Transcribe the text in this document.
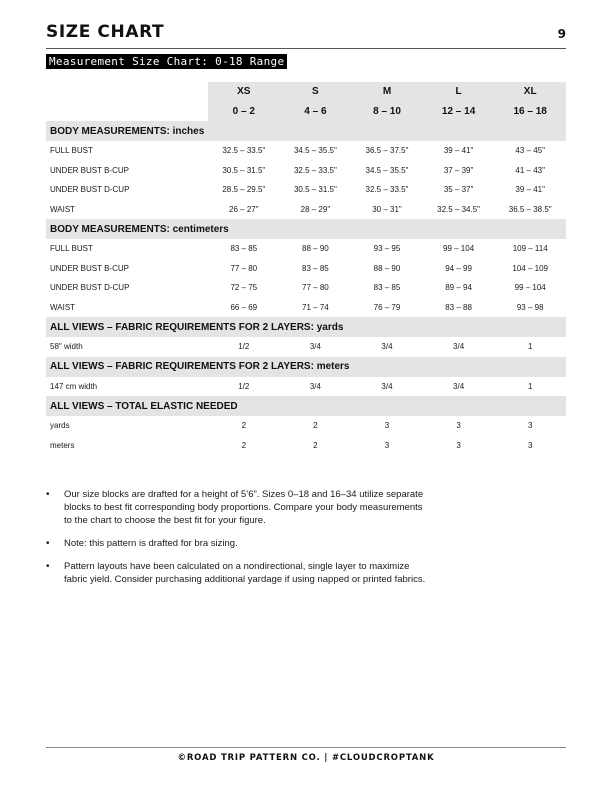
SIZE CHART	9
Measurement Size Chart: 0-18 Range
	XS	S	M	L	XL
	0 – 2	4 – 6	8 – 10	12 – 14	16 – 18
BODY MEASUREMENTS: inches					
FULL BUST	32.5 – 33.5"	34.5 – 35.5"	36.5 – 37.5"	39 – 41"	43 – 45"
UNDER BUST B-CUP	30.5 – 31.5"	32.5 – 33.5"	34.5 – 35.5"	37 – 39"	41 – 43"
UNDER BUST D-CUP	28.5 – 29.5"	30.5 – 31.5"	32.5 – 33.5"	35 – 37"	39 – 41"
WAIST	26 – 27"	28 – 29"	30 – 31"	32.5 – 34.5"	36.5 – 38.5"
BODY MEASUREMENTS: centimeters					
FULL BUST	83 – 85	88 – 90	93 – 95	99 – 104	109 – 114
UNDER BUST B-CUP	77 – 80	83 – 85	88 – 90	94 – 99	104 – 109
UNDER BUST D-CUP	72 – 75	77 – 80	83 – 85	89 – 94	99 – 104
WAIST	66 – 69	71 – 74	76 – 79	83 – 88	93 – 98
ALL VIEWS – FABRIC REQUIREMENTS FOR 2 LAYERS: yards					
58" width	1/2	3/4	3/4	3/4	1
ALL VIEWS – FABRIC REQUIREMENTS FOR 2 LAYERS: meters					
147 cm width	1/2	3/4	3/4	3/4	1
ALL VIEWS – TOTAL ELASTIC NEEDED					
yards	2	2	3	3	3
meters	2	2	3	3	3
• Our size blocks are drafted for a height of 5’6”. Sizes 0–18 and 16–34 utilize separate blocks to best fit corresponding body proportions. Compare your body measurements to the chart to choose the best fit for your figure.
• Note: this pattern is drafted for bra sizing.
• Pattern layouts have been calculated on a nondirectional, single layer to maximize fabric yield. Consider purchasing additional yardage if using napped or printed fabrics.
©ROAD TRIP PATTERN CO. | #CLOUDCROPTANK
